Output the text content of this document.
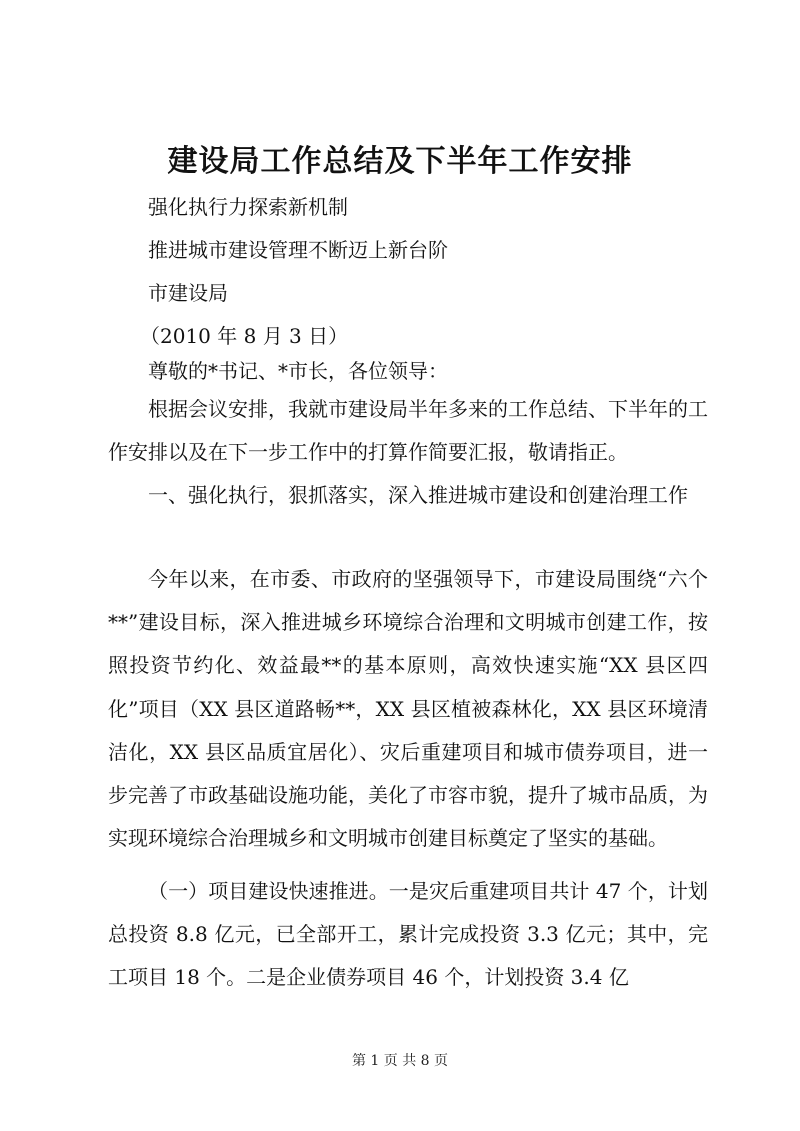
建设局工作总结及下半年工作安排
强化执行力探索新机制
推进城市建设管理不断迈上新台阶
市建设局
（2010 年 8 月 3 日）
尊敬的*书记、*市长，各位领导：

根据会议安排，我就市建设局半年多来的工作总结、下半年的工作安排以及在下一步工作中的打算作简要汇报，敬请指正。

一、强化执行，狠抓落实，深入推进城市建设和创建治理工作

今年以来，在市委、市政府的坚强领导下，市建设局围绕“六个**”建设目标，深入推进城乡环境综合治理和文明城市创建工作，按照投资节约化、效益最**的基本原则，高效快速实施“XX 县区四化”项目（XX 县区道路畅**，XX 县区植被森林化，XX 县区环境清洁化，XX 县区品质宜居化）、灾后重建项目和城市债券项目，进一步完善了市政基础设施功能，美化了市容市貌，提升了城市品质，为实现环境综合治理城乡和文明城市创建目标奠定了坚实的基础。

（一）项目建设快速推进。一是灾后重建项目共计 47 个，计划总投资 8.8 亿元，已全部开工，累计完成投资 3.3 亿元；其中，完工项目 18 个。二是企业债券项目 46 个，计划投资 3.4 亿

第 1 页 共 8 页
